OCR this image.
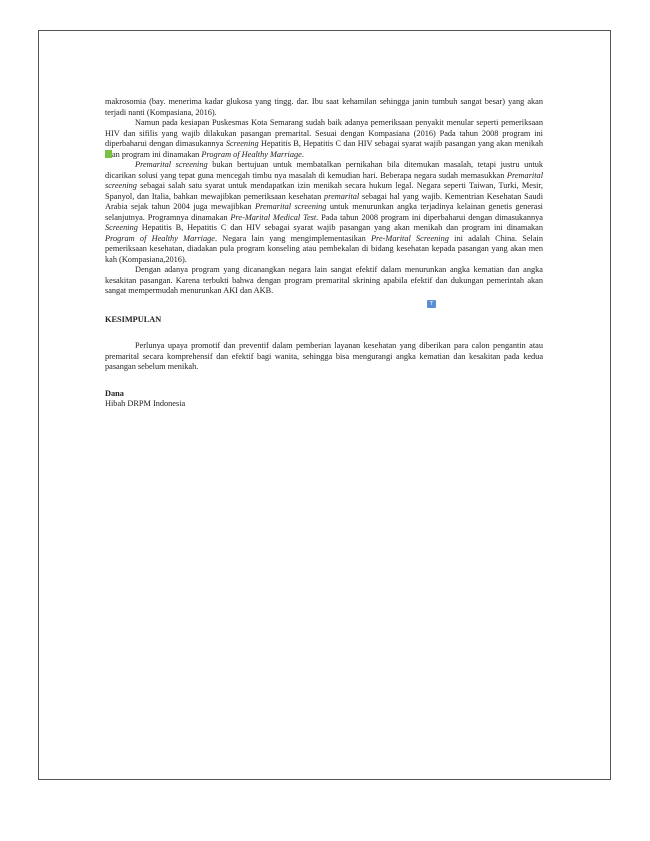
makrosomia (bay. menerima kadar glukosa yang tingg. dar. Ibu saat kehamilan sehingga janin tumbuh sangat besar) yang akan terjadi nanti (Kompasiana, 2016).

Namun pada kesiapan Puskesmas Kota Semarang sudah baik adanya pemeriksaan penyakit menular seperti pemeriksaan HIV dan sifilis yang wajib dilakukan pasangan premarital. Sesuai dengan Kompasiana (2016) Pada tahun 2008 program ini diperbaharui dengan dimasukannya Screening Hepatitis B, Hepatitis C dan HIV sebagai syarat wajib pasangan yang akan menikah an program ini dinamakan Program of Healthy Marriage.

Premarital screening bukan bertujuan untuk membatalkan pernikahan bila ditemukan masalah, tetapi justru untuk dicarikan solusi yang tepat guna mencegah timbu nya masalah di kemudian hari. Beberapa negara sudah memasukkan Premarital screening sebagai salah satu syarat untuk mendapatkan izin menikah secara hukum legal. Negara seperti Taiwan, Turki, Mesir, Spanyol, dan Italia, bahkan mewajibkan pemeriksaan kesehatan premarital sebagai hal yang wajib. Kementrian Kesehatan Saudi Arabia sejak tahun 2004 juga mewajibkan Premarital screening untuk menurunkan angka terjadinya kelainan genetis generasi selanjutnya. Programnya dinamakan Pre-Marital Medical Test. Pada tahun 2008 program ini diperbaharui dengan dimasukannya Screening Hepatitis B, Hepatitis C dan HIV sebagai syarat wajib pasangan yang akan menikah dan program ini dinamakan Program of Healthy Marriage. Negara lain yang mengimplementasikan Pre-Marital Screening ini adalah China. Selain pemeriksaan kesehatan, diadakan pula program konseling atau pembekalan di bidang kesehatan kepada pasangan yang akan men kah (Kompasiana,2016).

Dengan adanya program yang dicanangkan negara lain sangat efektif dalam menurunkan angka kematian dan angka kesakitan pasangan. Karena terbukti bahwa dengan program premarital skrining apabila efektif dan dukungan pemerintah akan sangat mempermudah menurunkan AKI dan AKB.

KESIMPULAN

Perlunya upaya promotif dan preventif dalam pemberian layanan kesehatan yang diberikan para calon pengantin atau premarital secara komprehensif dan efektif bagi wanita, sehingga bisa mengurangi angka kematian dan kesakitan pada kedua pasangan sebelum menikah.

Dana

Hibah DRPM Indonesia

T
